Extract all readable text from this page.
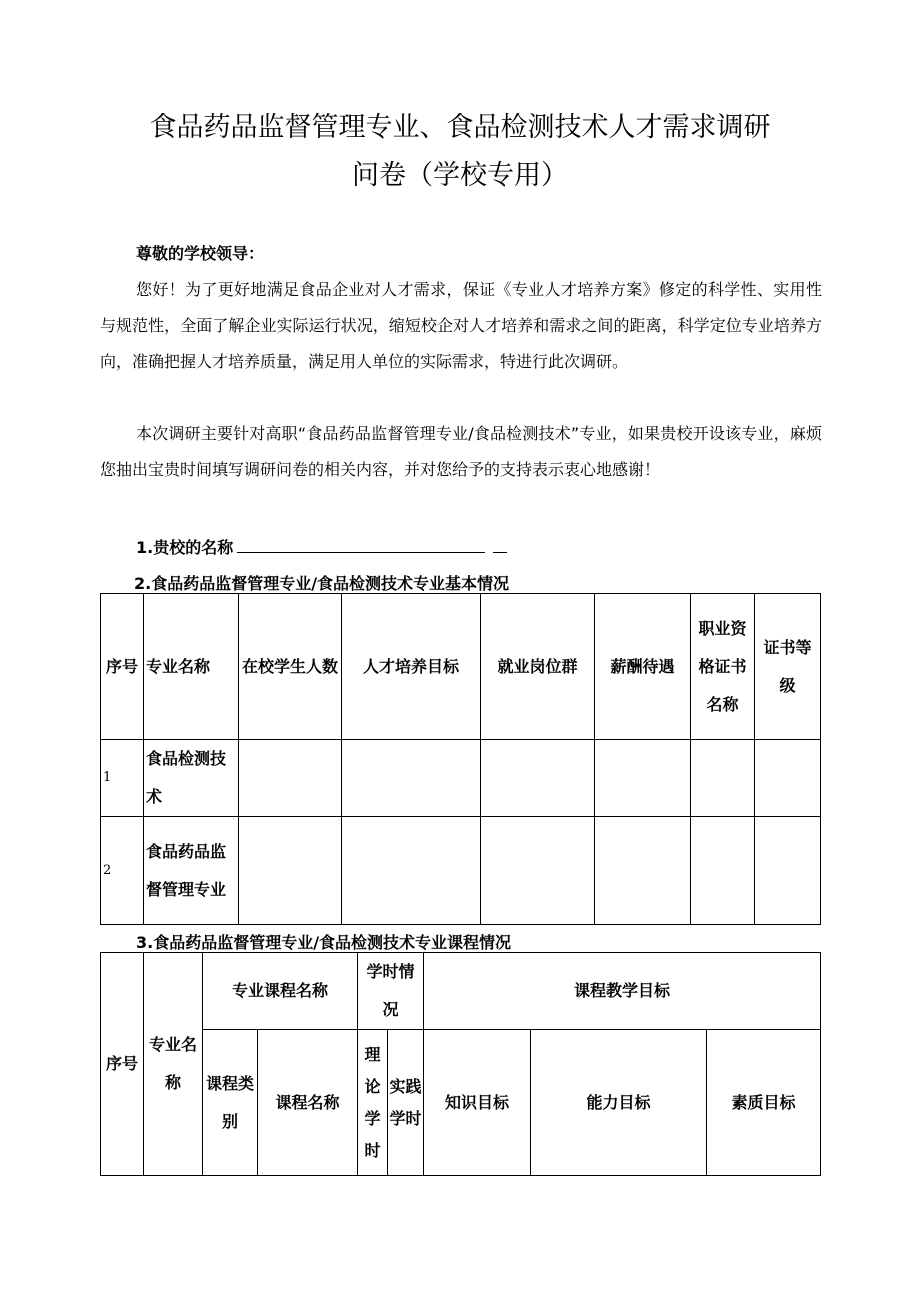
食品药品监督管理专业、食品检测技术人才需求调研
问卷（学校专用）
尊敬的学校领导：
您好！为了更好地满足食品企业对人才需求，保证《专业人才培养方案》修定的科学性、实用性与规范性，全面了解企业实际运行状况，缩短校企对人才培养和需求之间的距离，科学定位专业培养方向，准确把握人才培养质量，满足用人单位的实际需求，特进行此次调研。
本次调研主要针对高职“食品药品监督管理专业/食品检测技术”专业，如果贵校开设该专业，麻烦您抽出宝贵时间填写调研问卷的相关内容，并对您给予的支持表示衷心地感谢！
1.贵校的名称
2.食品药品监督管理专业/食品检测技术专业基本情况
序号	专业名称	在校学生人数	人才培养目标	就业岗位群	薪酬待遇	职业资格证书名称	证书等级
1	食品检测技术						
2	食品药品监督管理专业						
3.食品药品监督管理专业/食品检测技术专业课程情况
序号	专业名称	专业课程名称		学时情况		课程教学目标		
		课程类别	课程名称	理论学时	实践学时	知识目标	能力目标	素质目标
